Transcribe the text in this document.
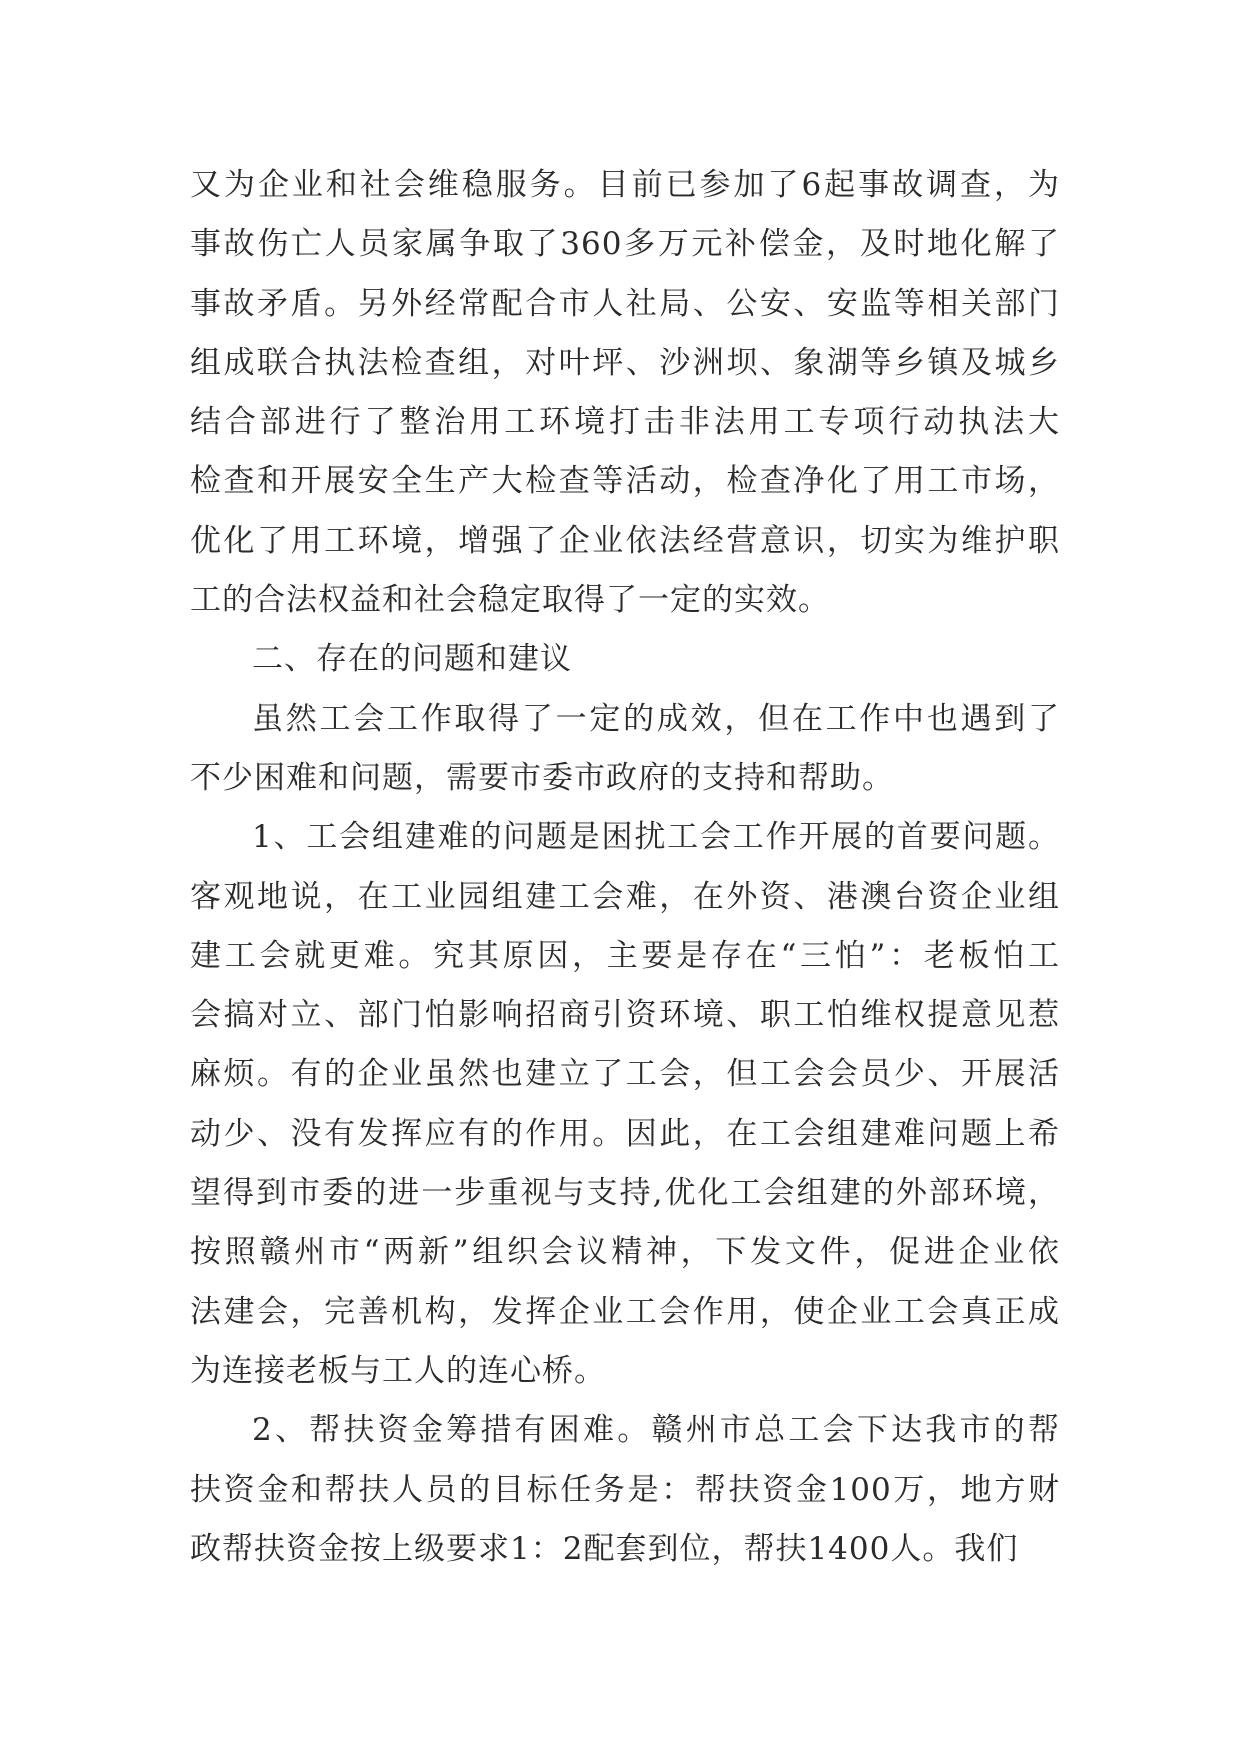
又为企业和社会维稳服务。目前已参加了6起事故调查，为
事故伤亡人员家属争取了360多万元补偿金，及时地化解了
事故矛盾。另外经常配合市人社局、公安、安监等相关部门
组成联合执法检查组，对叶坪、沙洲坝、象湖等乡镇及城乡
结合部进行了整治用工环境打击非法用工专项行动执法大
检查和开展安全生产大检查等活动，检查净化了用工市场，
优化了用工环境，增强了企业依法经营意识，切实为维护职
工的合法权益和社会稳定取得了一定的实效。
二、存在的问题和建议
虽然工会工作取得了一定的成效，但在工作中也遇到了
不少困难和问题，需要市委市政府的支持和帮助。
1、工会组建难的问题是困扰工会工作开展的首要问题。
客观地说，在工业园组建工会难，在外资、港澳台资企业组
建工会就更难。究其原因，主要是存在“三怕”：老板怕工
会搞对立、部门怕影响招商引资环境、职工怕维权提意见惹
麻烦。有的企业虽然也建立了工会，但工会会员少、开展活
动少、没有发挥应有的作用。因此，在工会组建难问题上希
望得到市委的进一步重视与支持,优化工会组建的外部环境，
按照赣州市“两新”组织会议精神，下发文件，促进企业依
法建会，完善机构，发挥企业工会作用，使企业工会真正成
为连接老板与工人的连心桥。
2、帮扶资金筹措有困难。赣州市总工会下达我市的帮
扶资金和帮扶人员的目标任务是：帮扶资金100万，地方财
政帮扶资金按上级要求1：2配套到位，帮扶1400人。我们
